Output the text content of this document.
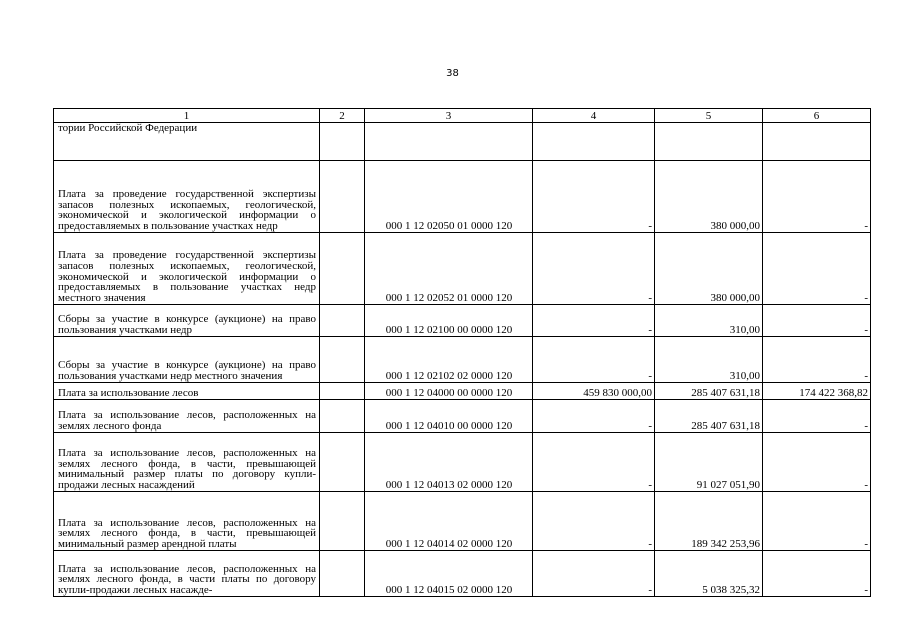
38
1	2	3	4	5	6
тории Российской Федерации					
Плата за проведение государственной экспертизы запасов полезных ископаемых, геологической, экономической и экологической информации о предоставляемых в пользование участках недр		000 1 12 02050 01 0000 120	-	380 000,00	-
Плата за проведение государственной экспертизы запасов полезных ископаемых, геологической, экономической и экологической информации о предоставляемых в пользование участках недр местного значения		000 1 12 02052 01 0000 120	-	380 000,00	-
Сборы за участие в конкурсе (аукционе) на право пользования участками недр		000 1 12 02100 00 0000 120	-	310,00	-
Сборы за участие в конкурсе (аукционе) на право пользования участками недр местного значения		000 1 12 02102 02 0000 120	-	310,00	-
Плата за использование лесов		000 1 12 04000 00 0000 120	459 830 000,00	285 407 631,18	174 422 368,82
Плата за использование лесов, расположенных на землях лесного фонда		000 1 12 04010 00 0000 120	-	285 407 631,18	-
Плата за использование лесов, расположенных на землях лесного фонда, в части, превышающей минимальный размер платы по договору купли-продажи лесных насаждений		000 1 12 04013 02 0000 120	-	91 027 051,90	-
Плата за использование лесов, расположенных на землях лесного фонда, в части, превышающей минимальный размер арендной платы		000 1 12 04014 02 0000 120	-	189 342 253,96	-
Плата за использование лесов, расположенных на землях лесного фонда, в части платы по договору купли-продажи лесных насажде-		000 1 12 04015 02 0000 120	-	5 038 325,32	-
